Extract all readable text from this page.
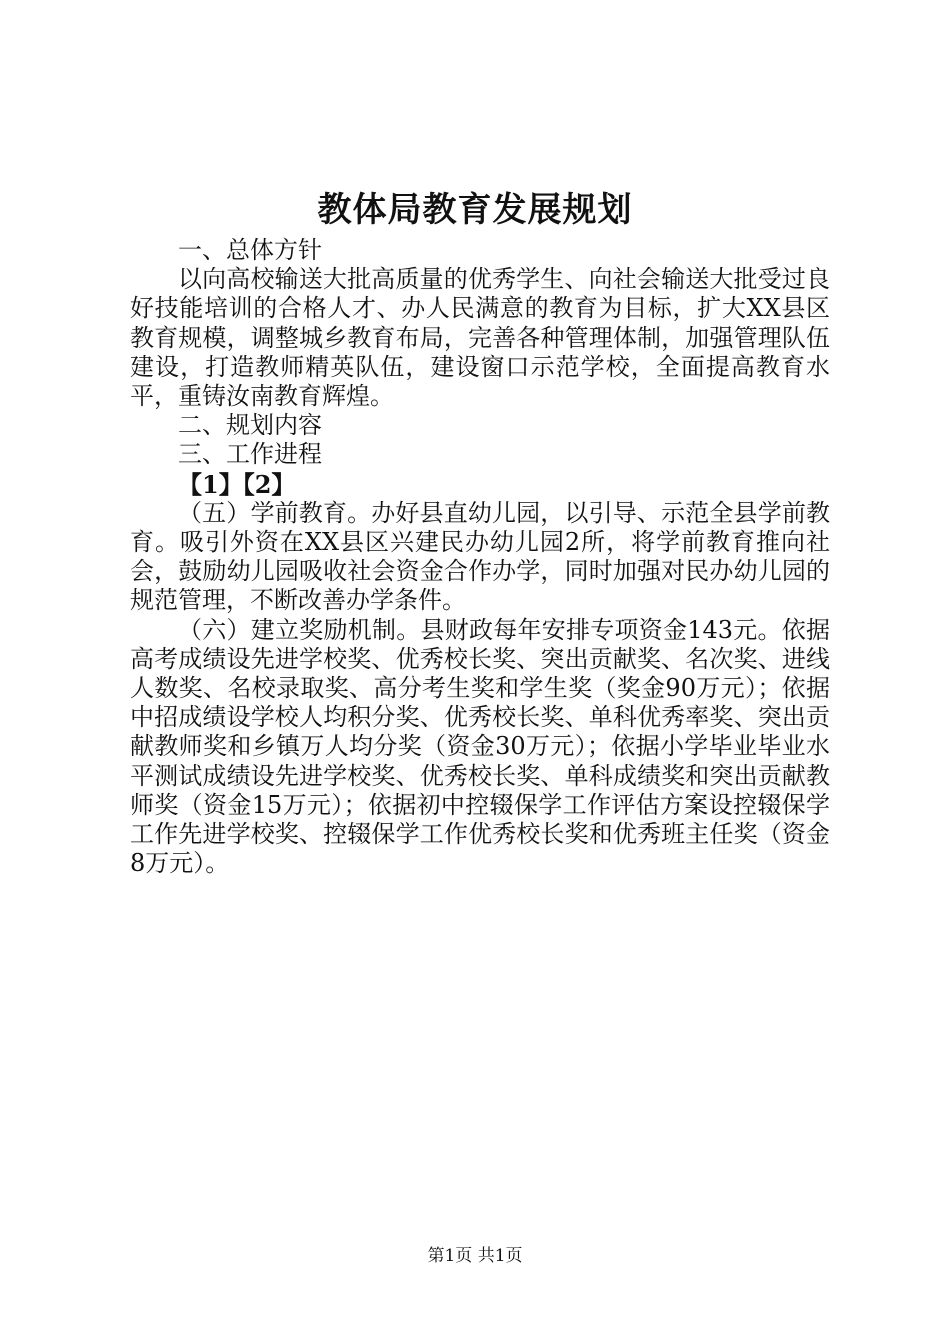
教体局教育发展规划

一、总体方针

以向高校输送大批高质量的优秀学生、向社会输送大批受过良好技能培训的合格人才、办人民满意的教育为目标，扩大XX县区教育规模，调整城乡教育布局，完善各种管理体制，加强管理队伍建设，打造教师精英队伍，建设窗口示范学校，全面提高教育水平，重铸汝南教育辉煌。

二、规划内容

三、工作进程

【1】【2】

（五）学前教育。办好县直幼儿园，以引导、示范全县学前教育。吸引外资在XX县区兴建民办幼儿园2所，将学前教育推向社会，鼓励幼儿园吸收社会资金合作办学，同时加强对民办幼儿园的规范管理，不断改善办学条件。

（六）建立奖励机制。县财政每年安排专项资金143元。依据高考成绩设先进学校奖、优秀校长奖、突出贡献奖、名次奖、进线人数奖、名校录取奖、高分考生奖和学生奖（奖金90万元）；依据中招成绩设学校人均积分奖、优秀校长奖、单科优秀率奖、突出贡献教师奖和乡镇万人均分奖（资金30万元）；依据小学毕业毕业水平测试成绩设先进学校奖、优秀校长奖、单科成绩奖和突出贡献教师奖（资金15万元）；依据初中控辍保学工作评估方案设控辍保学工作先进学校奖、控辍保学工作优秀校长奖和优秀班主任奖（资金8万元）。

第1页 共1页
